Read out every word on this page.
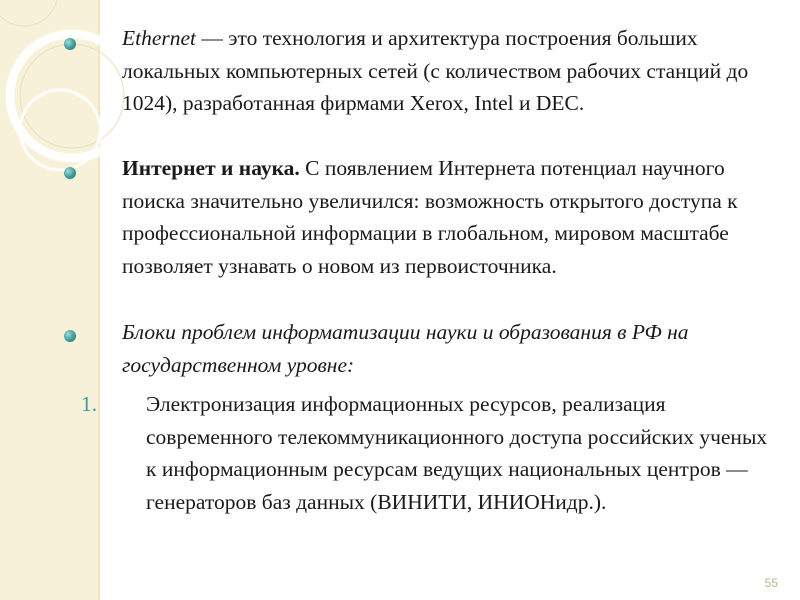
Ethernet — это технология и архитектура построения больших локальных компьютерных сетей (с количеством рабочих станций до 1024), разработанная фирмами Xerox, Intel и DEC.

Интернет и наука. С появлением Интернета потенциал научного поиска значительно увеличился: возможность открытого доступа к профессиональной информации в глобальном, мировом масштабе позволяет узнавать о новом из первоисточника.

Блоки проблем информатизации науки и образования в РФ на государственном уровне:

1. Электронизация информационных ресурсов, реализация современного телекоммуникационного доступа российских ученых к информационным ресурсам ведущих национальных центров — генераторов баз данных (ВИНИТИ, ИНИОНидр.).

55
